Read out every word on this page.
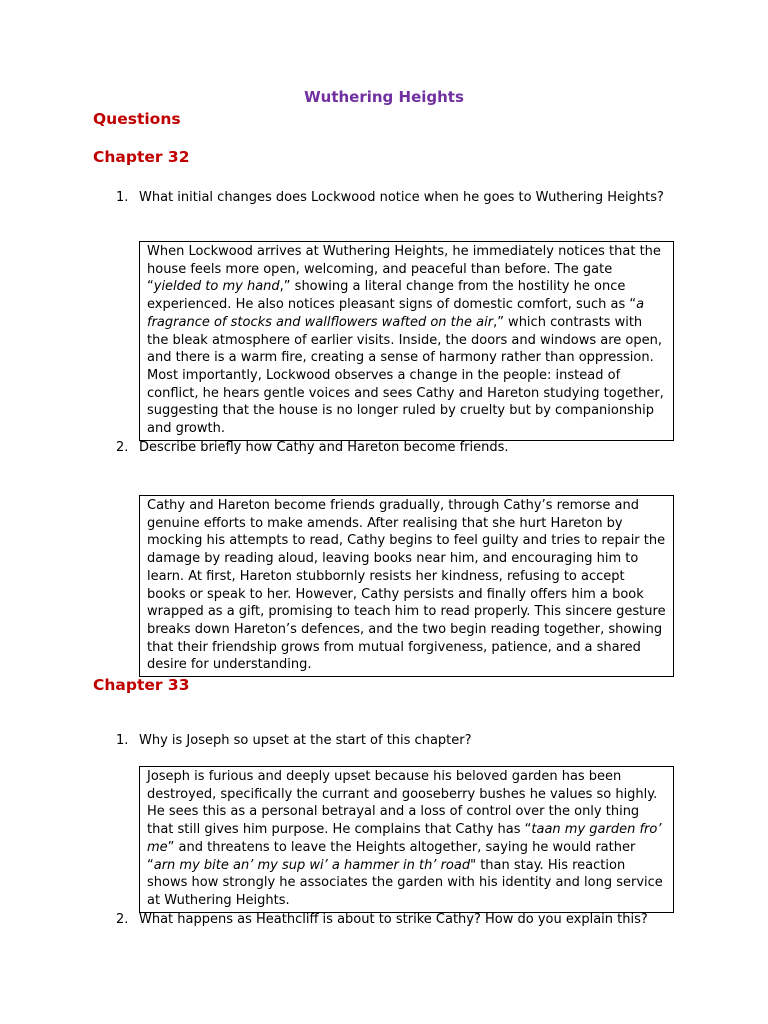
Wuthering Heights
Questions
Chapter 32
1. What initial changes does Lockwood notice when he goes to Wuthering Heights?
When Lockwood arrives at Wuthering Heights, he immediately notices that the house feels more open, welcoming, and peaceful than before. The gate “yielded to my hand,” showing a literal change from the hostility he once experienced. He also notices pleasant signs of domestic comfort, such as “a fragrance of stocks and wallflowers wafted on the air,” which contrasts with the bleak atmosphere of earlier visits. Inside, the doors and windows are open, and there is a warm fire, creating a sense of harmony rather than oppression. Most importantly, Lockwood observes a change in the people: instead of conflict, he hears gentle voices and sees Cathy and Hareton studying together, suggesting that the house is no longer ruled by cruelty but by companionship and growth.
2. Describe briefly how Cathy and Hareton become friends.
Cathy and Hareton become friends gradually, through Cathy’s remorse and genuine efforts to make amends. After realising that she hurt Hareton by mocking his attempts to read, Cathy begins to feel guilty and tries to repair the damage by reading aloud, leaving books near him, and encouraging him to learn. At first, Hareton stubbornly resists her kindness, refusing to accept books or speak to her. However, Cathy persists and finally offers him a book wrapped as a gift, promising to teach him to read properly. This sincere gesture breaks down Hareton’s defences, and the two begin reading together, showing that their friendship grows from mutual forgiveness, patience, and a shared desire for understanding.
Chapter 33
1. Why is Joseph so upset at the start of this chapter?
Joseph is furious and deeply upset because his beloved garden has been destroyed, specifically the currant and gooseberry bushes he values so highly. He sees this as a personal betrayal and a loss of control over the only thing that still gives him purpose. He complains that Cathy has “taan my garden fro’ me” and threatens to leave the Heights altogether, saying he would rather “arn my bite an’ my sup wi’ a hammer in th’ road" than stay. His reaction shows how strongly he associates the garden with his identity and long service at Wuthering Heights.
2. What happens as Heathcliff is about to strike Cathy? How do you explain this?
